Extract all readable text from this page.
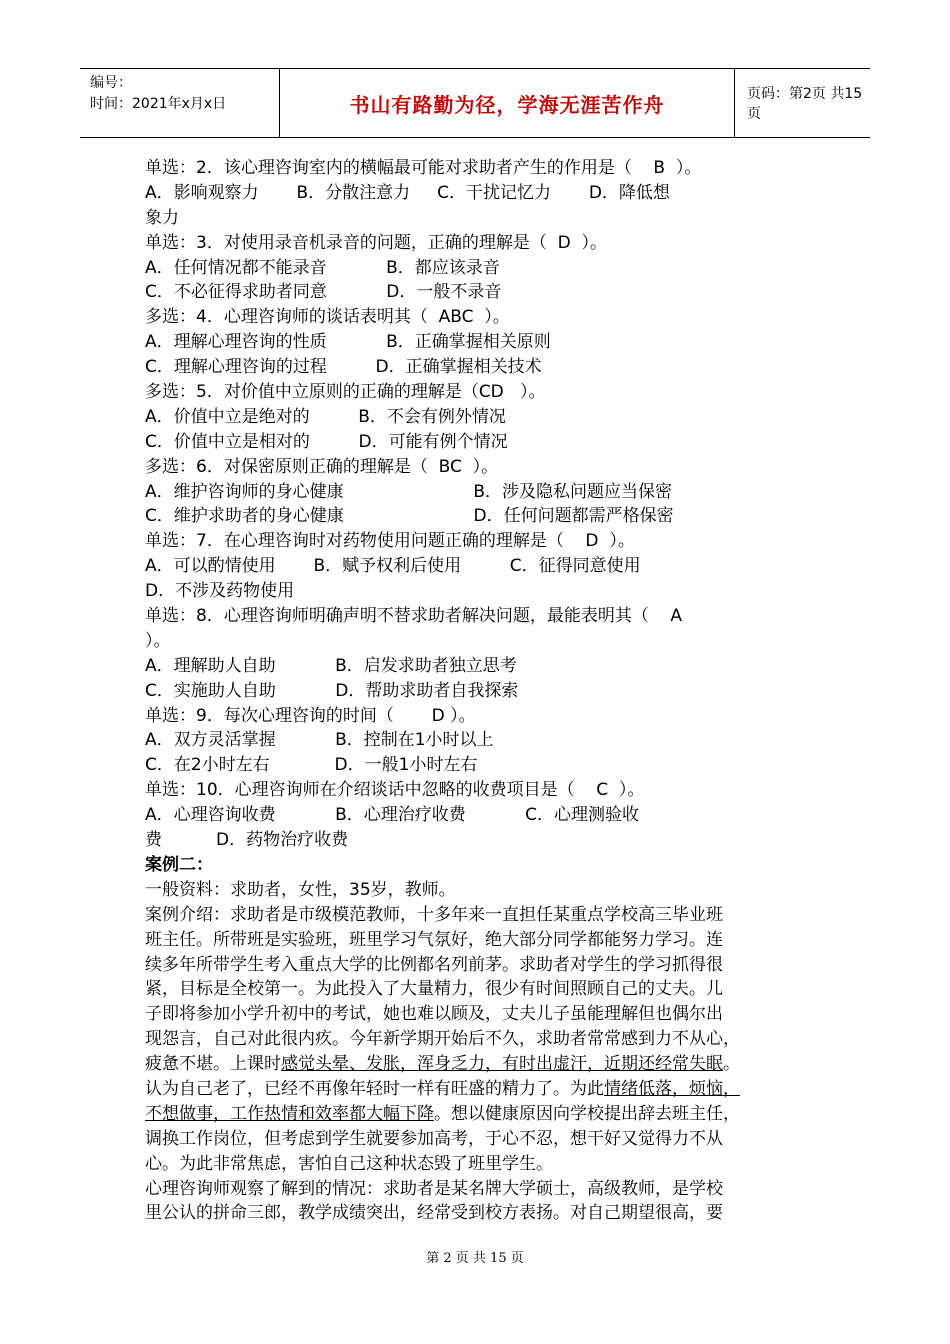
编号：
时间：2021年x月x日	书山有路勤为径，学海无涯苦作舟	页码：第2页 共15页
单选：2．该心理咨询室内的横幅最可能对求助者产生的作用是（    B  ）。
A．影响观察力       B．分散注意力     C．干扰记忆力       D．降低想
象力
单选：3．对使用录音机录音的问题，正确的理解是（  D  ）。
A．任何情况都不能录音           B．都应该录音
C．不必征得求助者同意           D．一般不录音
多选：4．心理咨询师的谈话表明其（  ABC  ）。
A．理解心理咨询的性质           B．正确掌握相关原则
C．理解心理咨询的过程         D．正确掌握相关技术
多选：5．对价值中立原则的正确的理解是（CD   ）。
A．价值中立是绝对的         B．不会有例外情况
C．价值中立是相对的         D．可能有例个情况
多选：6．对保密原则正确的理解是（  BC  ）。
A．维护咨询师的身心健康                        B．涉及隐私问题应当保密
C．维护求助者的身心健康                        D．任何问题都需严格保密
单选：7．在心理咨询时对药物使用问题正确的理解是（    D  ）。
A．可以酌情使用       B．赋予权利后使用         C．征得同意使用
D．不涉及药物使用
单选：8．心理咨询师明确声明不替求助者解决问题，最能表明其（    A
）。
A．理解助人自助           B．启发求助者独立思考
C．实施助人自助           D．帮助求助者自我探索
单选：9．每次心理咨询的时间（       D ）。
A．双方灵活掌握           B．控制在1小时以上
C．在2小时左右            D．一般1小时左右
单选：10．心理咨询师在介绍谈话中忽略的收费项目是（    C  ）。
A．心理咨询收费           B．心理治疗收费           C．心理测验收
费          D．药物治疗收费
案例二：
一般资料：求助者，女性，35岁，教师。
案例介绍：求助者是市级模范教师，十多年来一直担任某重点学校高三毕业班
班主任。所带班是实验班，班里学习气氛好，绝大部分同学都能努力学习。连
续多年所带学生考入重点大学的比例都名列前茅。求助者对学生的学习抓得很
紧，目标是全校第一。为此投入了大量精力，很少有时间照顾自己的丈夫。儿
子即将参加小学升初中的考试，她也难以顾及，丈夫儿子虽能理解但也偶尔出
现怨言，自己对此很内疚。今年新学期开始后不久，求助者常常感到力不从心，
疲惫不堪。上课时感觉头晕、发胀，浑身乏力，有时出虚汗，近期还经常失眠。
认为自己老了，已经不再像年轻时一样有旺盛的精力了。为此情绪低落，烦恼，
不想做事，工作热情和效率都大幅下降。想以健康原因向学校提出辞去班主任，
调换工作岗位，但考虑到学生就要参加高考，于心不忍，想干好又觉得力不从
心。为此非常焦虑，害怕自己这种状态毁了班里学生。
心理咨询师观察了解到的情况：求助者是某名牌大学硕士，高级教师，是学校
里公认的拼命三郎，教学成绩突出，经常受到校方表扬。对自己期望很高，要
第 2 页 共 15 页
